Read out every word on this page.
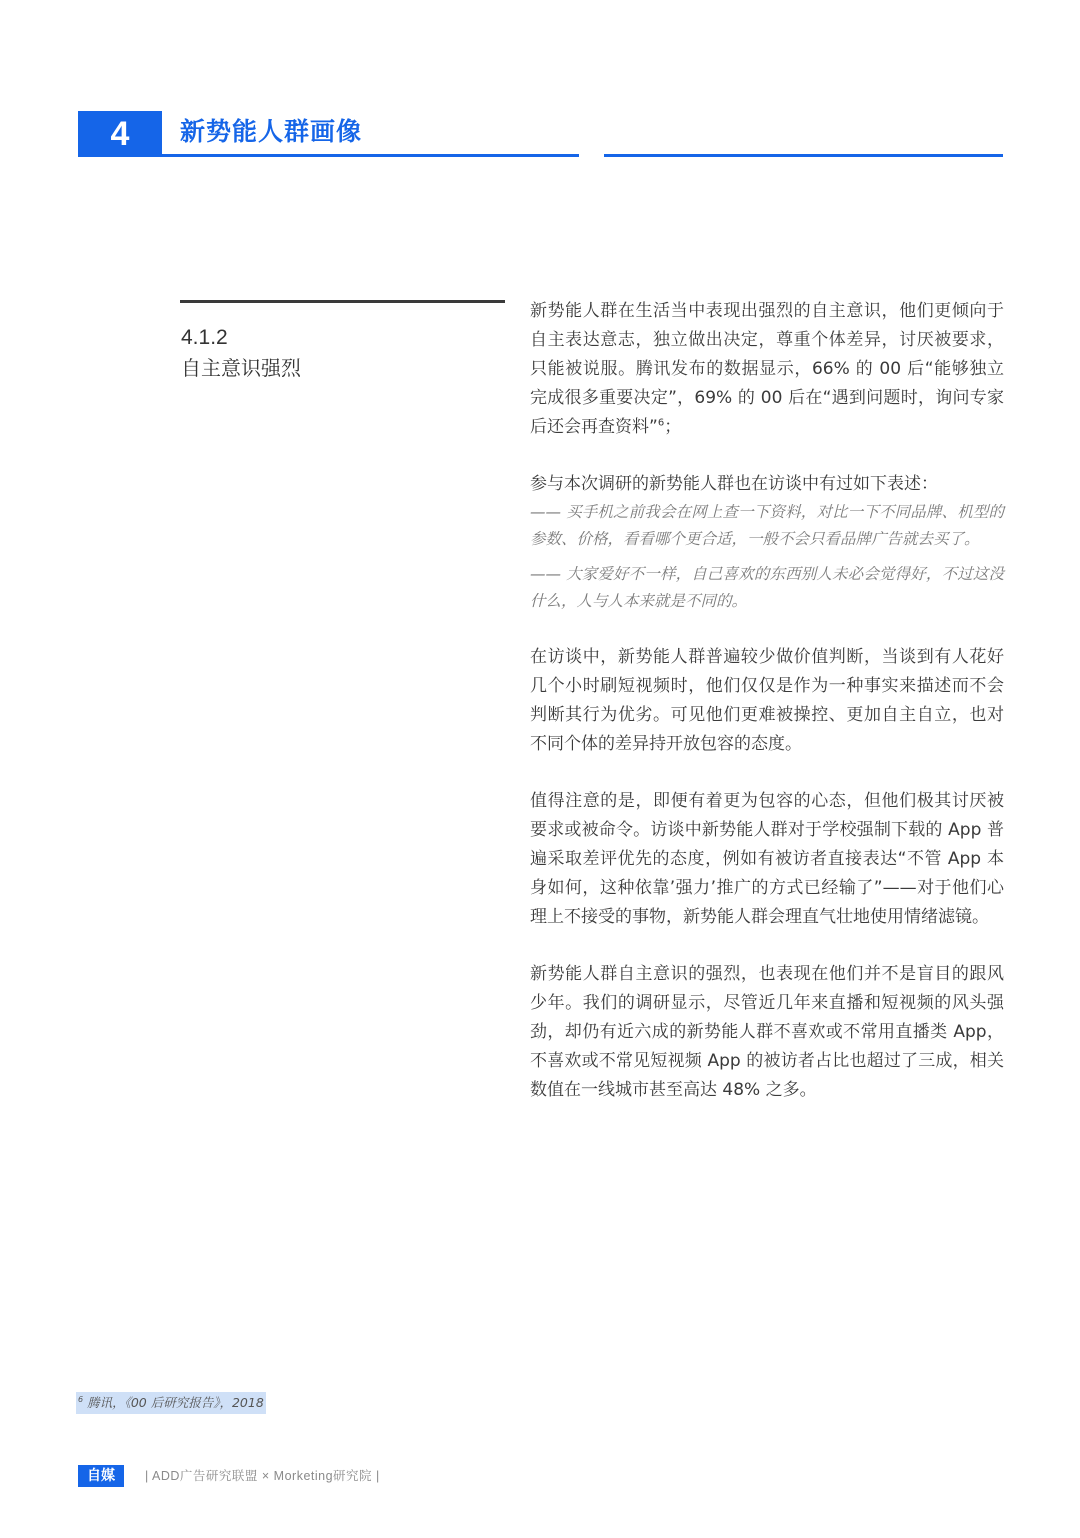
4	新势能人群画像
4.1.2
自主意识强烈

新势能人群在生活当中表现出强烈的自主意识，他们更倾向于自主表达意志，独立做出决定，尊重个体差异，讨厌被要求，只能被说服。腾讯发布的数据显示，66% 的 00 后“能够独立完成很多重要决定”，69% 的 00 后在“遇到问题时，询问专家后还会再查资料”$^6$；

参与本次调研的新势能人群也在访谈中有过如下表述：

—— 买手机之前我会在网上查一下资料，对比一下不同品牌、机型的参数、价格，看看哪个更合适，一般不会只看品牌广告就去买了。

—— 大家爱好不一样，自己喜欢的东西别人未必会觉得好，不过这没什么，人与人本来就是不同的。

在访谈中，新势能人群普遍较少做价值判断，当谈到有人花好几个小时刷短视频时，他们仅仅是作为一种事实来描述而不会判断其行为优劣。可见他们更难被操控、更加自主自立，也对不同个体的差异持开放包容的态度。

值得注意的是，即便有着更为包容的心态，但他们极其讨厌被要求或被命令。访谈中新势能人群对于学校强制下载的 App 普遍采取差评优先的态度，例如有被访者直接表达“不管 App 本身如何，这种依靠’强力’推广的方式已经输了”——对于他们心理上不接受的事物，新势能人群会理直气壮地使用情绪滤镜。

新势能人群自主意识的强烈，也表现在他们并不是盲目的跟风少年。我们的调研显示，尽管近几年来直播和短视频的风头强劲，却仍有近六成的新势能人群不喜欢或不常用直播类 App，不喜欢或不常见短视频 App 的被访者占比也超过了三成，相关数值在一线城市甚至高达 48% 之多。

$^6$ 腾讯，《00 后研究报告》，2018
自媒	| ADD广告研究联盟 × Morketing研究院 |
